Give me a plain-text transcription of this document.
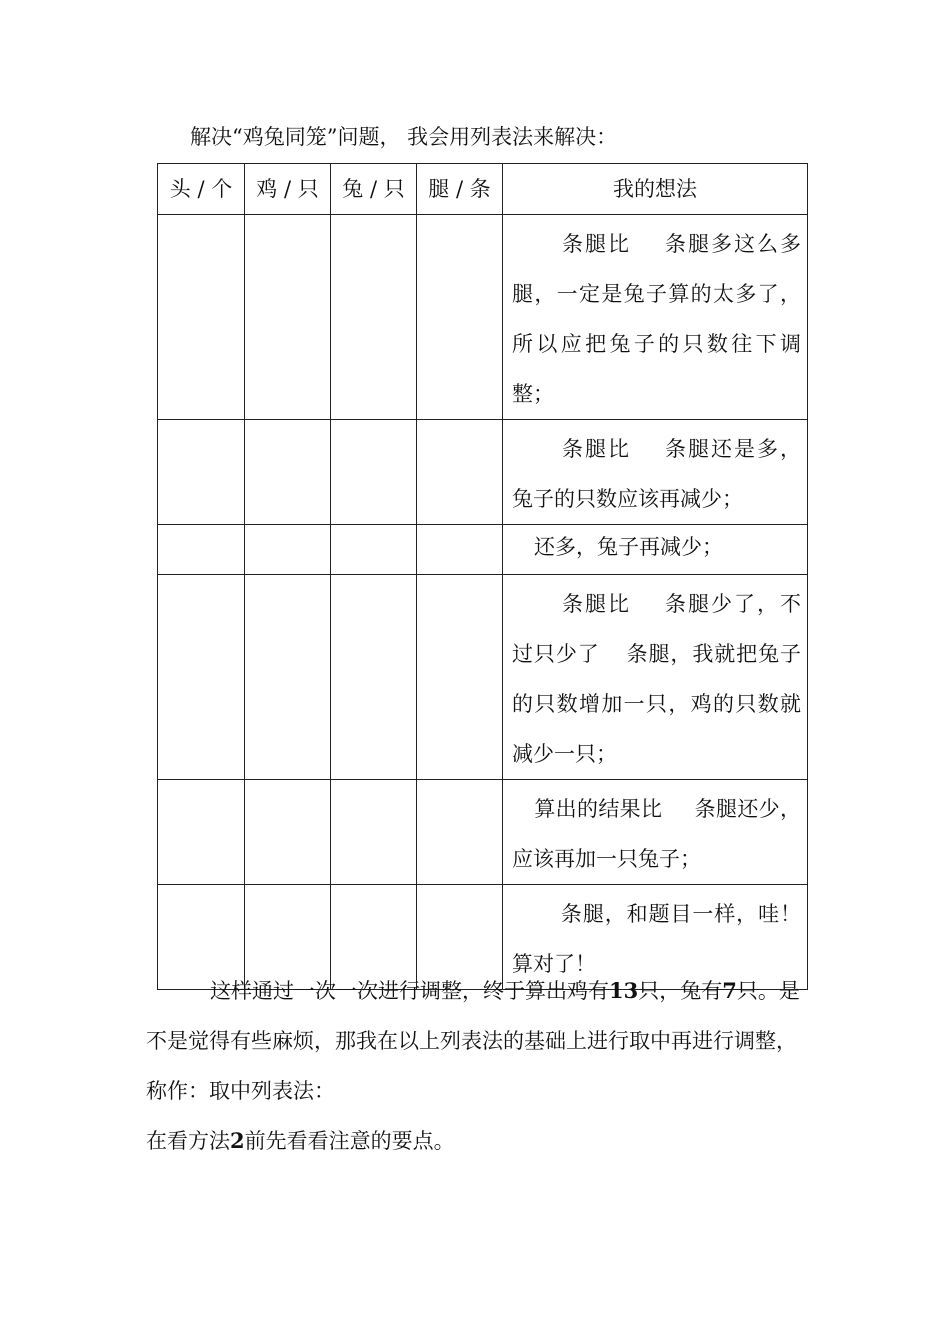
解决“鸡兔同笼”问题， 我会用列表法来解决：
头 / 个	鸡 / 只	兔 / 只	腿 / 条	我的想法
				条腿比 条腿多这么多腿，一定是兔子算的太多了，所以应把兔子的只数往下调整；
				条腿比 条腿还是多，兔子的只数应该再减少；
				还多，兔子再减少；
				条腿比 条腿少了，不过只少了 条腿，我就把兔子的只数增加一只，鸡的只数就减少一只；
				算出的结果比 条腿还少，应该再加一只兔子；
				条腿，和题目一样，哇！算对了！
这样通过一次一次进行调整，终于算出鸡有13只，兔有7只。是不是觉得有些麻烦，那我在以上列表法的基础上进行取中再进行调整，称作：取中列表法：
在看方法2前先看看注意的要点。
